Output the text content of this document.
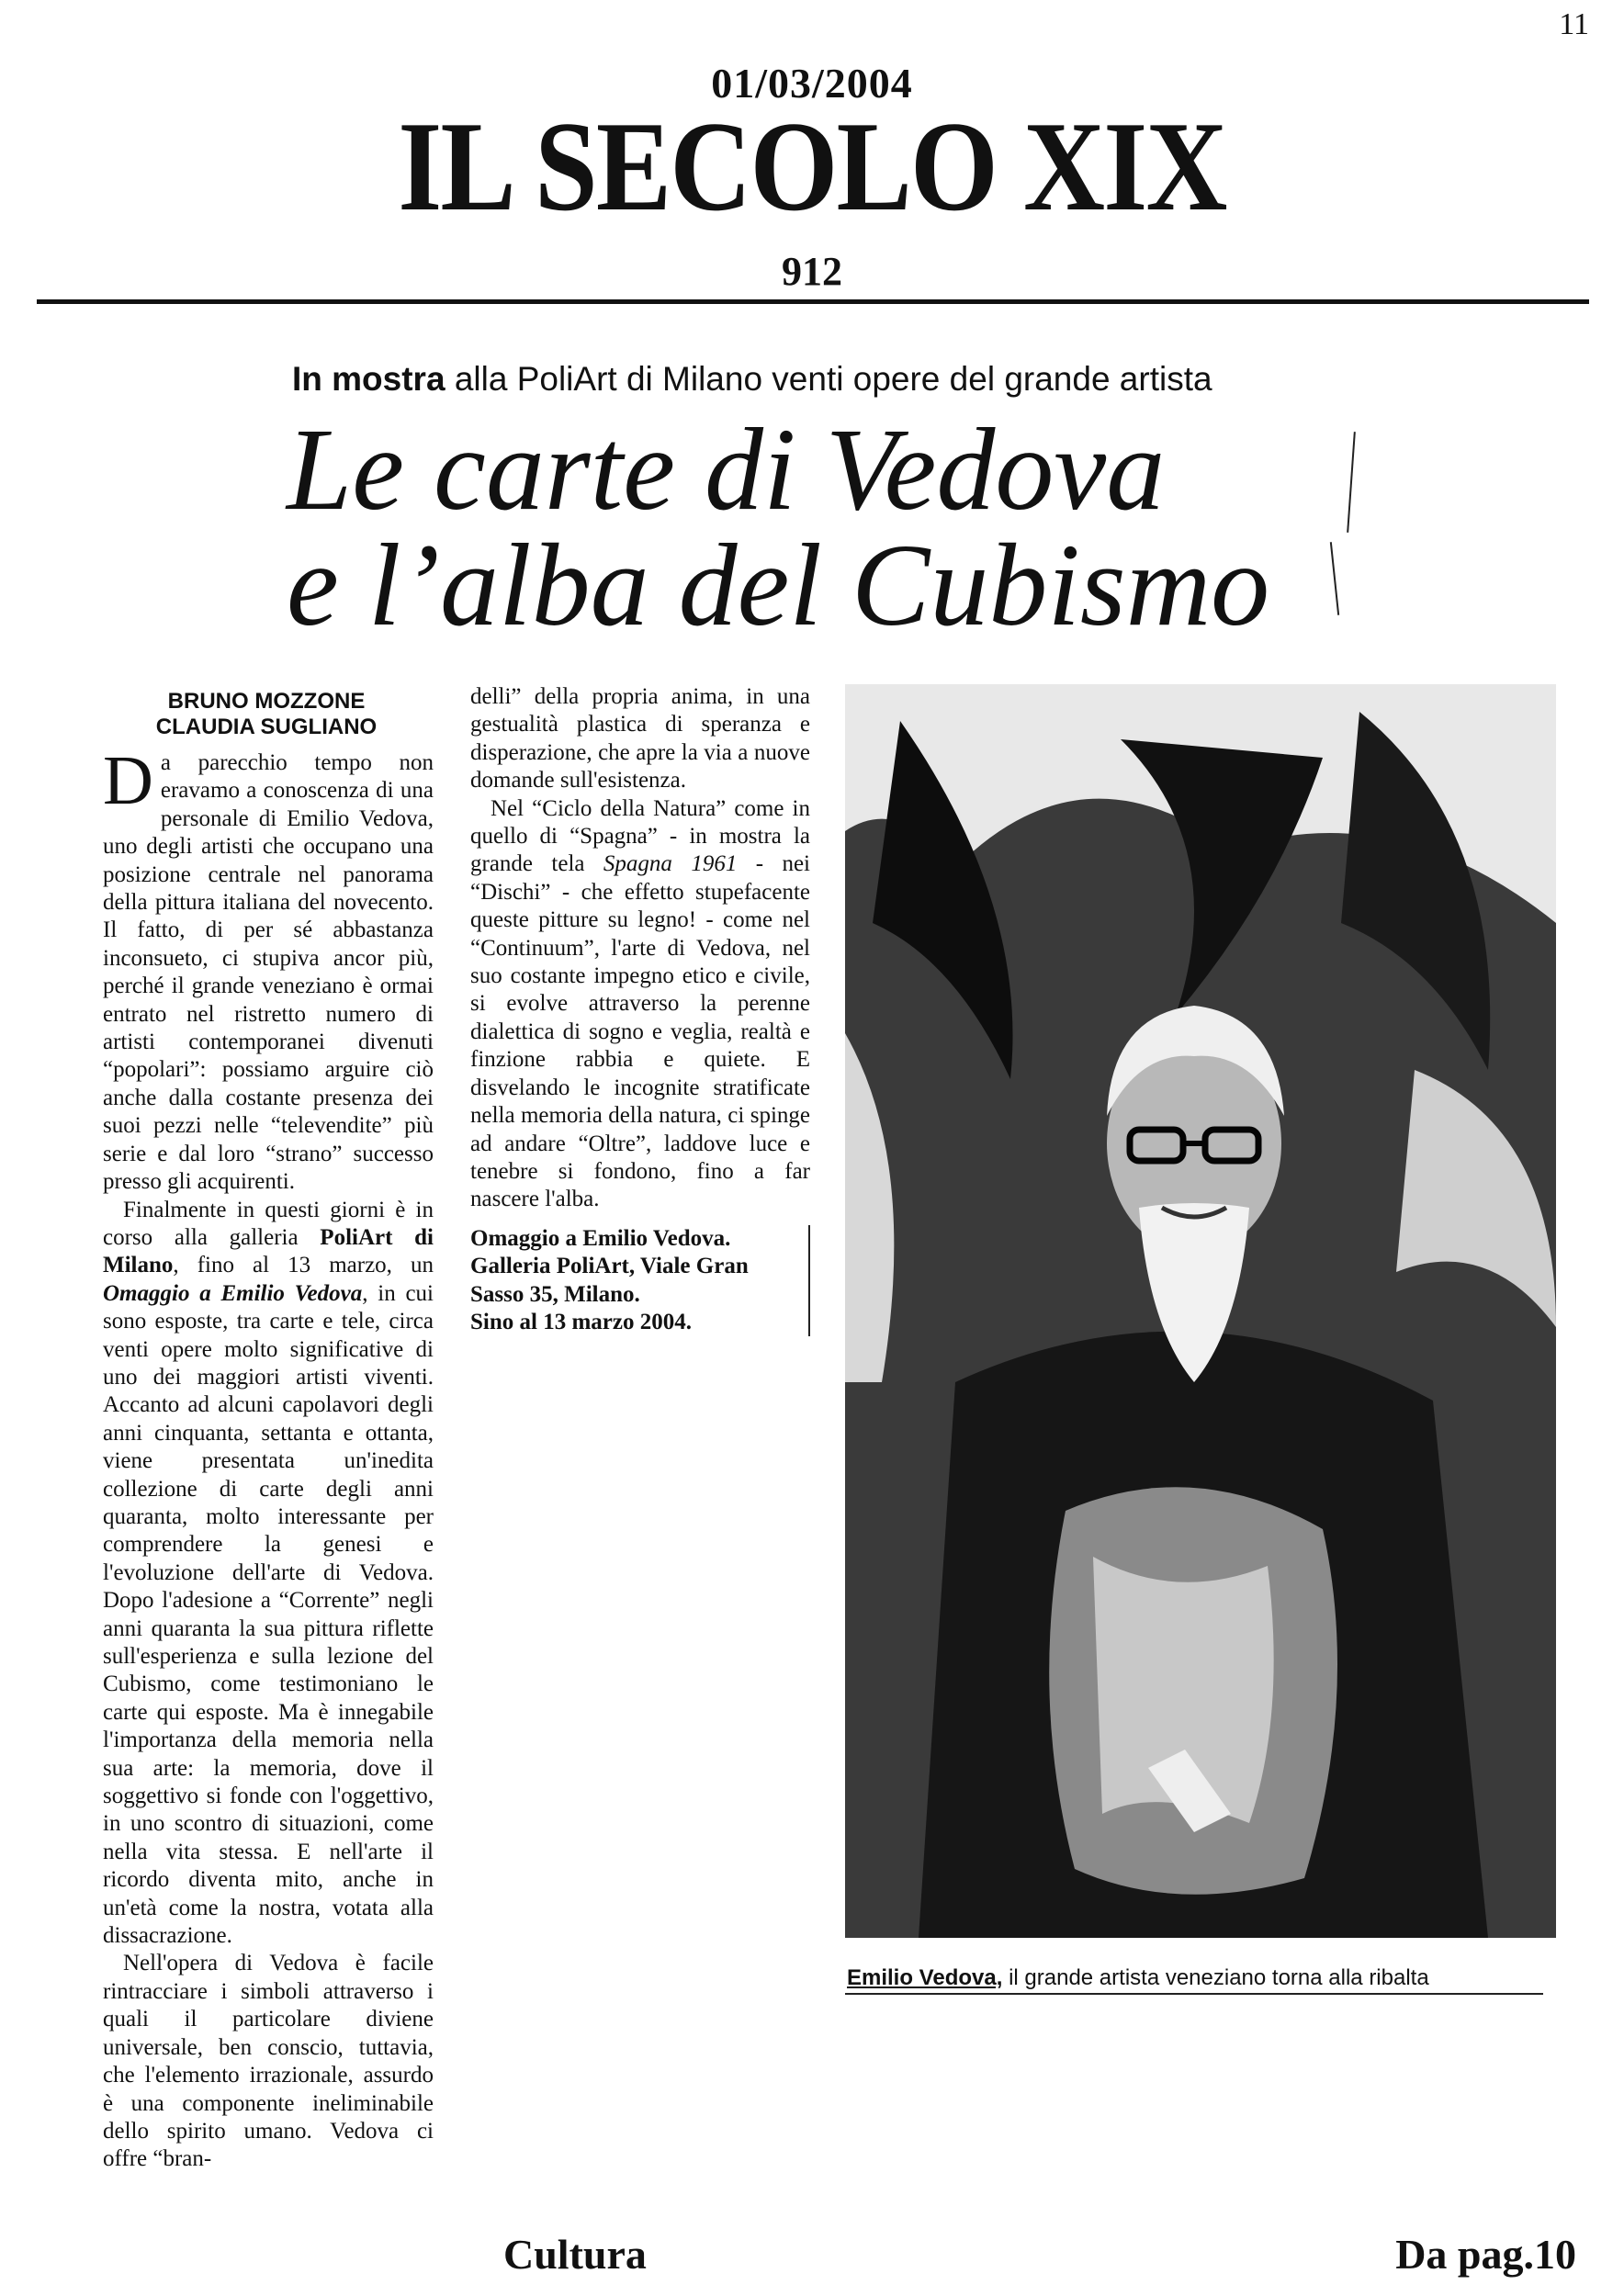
11
01/03/2004
IL SECOLO XIX
912
In mostra alla PoliArt di Milano venti opere del grande artista
Le carte di Vedova
e l’alba del Cubismo
BRUNO MOZZONE
CLAUDIA SUGLIANO

Da parecchio tempo non eravamo a conoscenza di una personale di Emilio Vedova, uno degli artisti che occupano una posizione centrale nel panorama della pittura italiana del novecento. Il fatto, di per sé abbastanza inconsueto, ci stupiva ancor più, perché il grande veneziano è ormai entrato nel ristretto numero di artisti contemporanei divenuti “popolari”: possiamo arguire ciò anche dalla costante presenza dei suoi pezzi nelle “televendite” più serie e dal loro “strano” successo presso gli acquirenti.

Finalmente in questi giorni è in corso alla galleria PoliArt di Milano, fino al 13 marzo, un Omaggio a Emilio Vedova, in cui sono esposte, tra carte e tele, circa venti opere molto significative di uno dei maggiori artisti viventi. Accanto ad alcuni capolavori degli anni cinquanta, settanta e ottanta, viene presentata un'inedita collezione di carte degli anni quaranta, molto interessante per comprendere la genesi e l'evoluzione dell'arte di Vedova. Dopo l'adesione a “Corrente” negli anni quaranta la sua pittura riflette sull'esperienza e sulla lezione del Cubismo, come testimoniano le carte qui esposte. Ma è innegabile l'importanza della memoria nella sua arte: la memoria, dove il soggettivo si fonde con l'oggettivo, in uno scontro di situazioni, come nella vita stessa. E nell'arte il ricordo diventa mito, anche in un'età come la nostra, votata alla dissacrazione.

Nell'opera di Vedova è facile rintracciare i simboli attraverso i quali il particolare diviene universale, ben conscio, tuttavia, che l'elemento irrazionale, assurdo è una componente ineliminabile dello spirito umano. Vedova ci offre “bran-

delli” della propria anima, in una gestualità plastica di speranza e disperazione, che apre la via a nuove domande sull'esistenza.

Nel “Ciclo della Natura” come in quello di “Spagna” - in mostra la grande tela Spagna 1961 - nei “Dischi” - che effetto stupefacente queste pitture su legno! - come nel “Continuum”, l'arte di Vedova, nel suo costante impegno etico e civile, si evolve attraverso la perenne dialettica di sogno e veglia, realtà e finzione rabbia e quiete. E disvelando le incognite stratificate nella memoria della natura, ci spinge ad andare “Oltre”, laddove luce e tenebre si fondono, fino a far nascere l'alba.

Omaggio a Emilio Vedova.
Galleria PoliArt, Viale Gran
Sasso 35, Milano.
Sino al 13 marzo 2004.
Emilio Vedova, il grande artista veneziano torna alla ribalta
Cultura	Da pag.10
